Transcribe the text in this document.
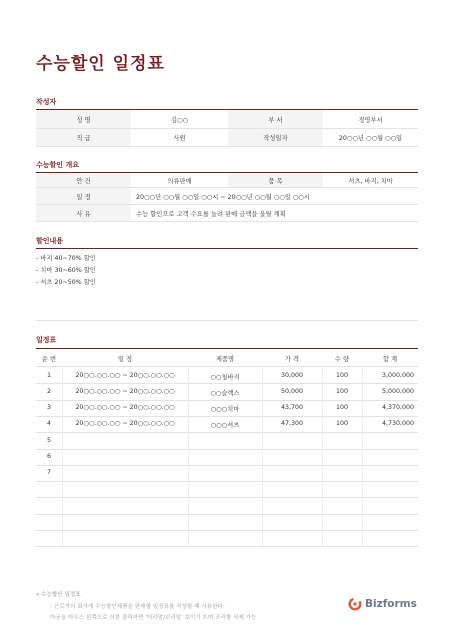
수능할인 일정표
작성자
성 명	김○○	부 서	경영부서
직 급	사원	작성일자	20○○년 ○○월 ○○일
수능할인 개요
안 건	의류판매	품 목	셔츠, 바지, 치마
일 정	20○○년 ○○월 ○○일 ○○시 ~ 20○○년 ○○월 ○○일 ○○시
사 유	수능 할인으로 고객 수요를 늘려 판매 금액을 올릴 계획
할인내용
- 바지 40~70% 할인
- 치마 30~60% 할인
- 셔츠 20~50% 할인
일정표
순 번	일 정	제품명	가 격	수 량	합 계
1	20○○.○○.○○ ~ 20○○.○○.○○	○○청바지	30,000	100	3,000,000
2	20○○.○○.○○ ~ 20○○.○○.○○	○○슬랙스	50,000	100	5,000,000
3	20○○.○○.○○ ~ 20○○.○○.○○	○○○치마	43,700	100	4,370,000
4	20○○.○○.○○ ~ 20○○.○○.○○	○○○셔츠	47,300	100	4,730,000
5
6
7
• 수능할인 일정표
- 근로자의 회사에 수능할인제품을 판매할 일정표를 작성할 때 사용한다.
아궁을 마우스 왼쪽으로 더블 클릭하면 '머리말/꼬리말' 보이가 뜨며 조리할 삭제 가능
Bizforms
